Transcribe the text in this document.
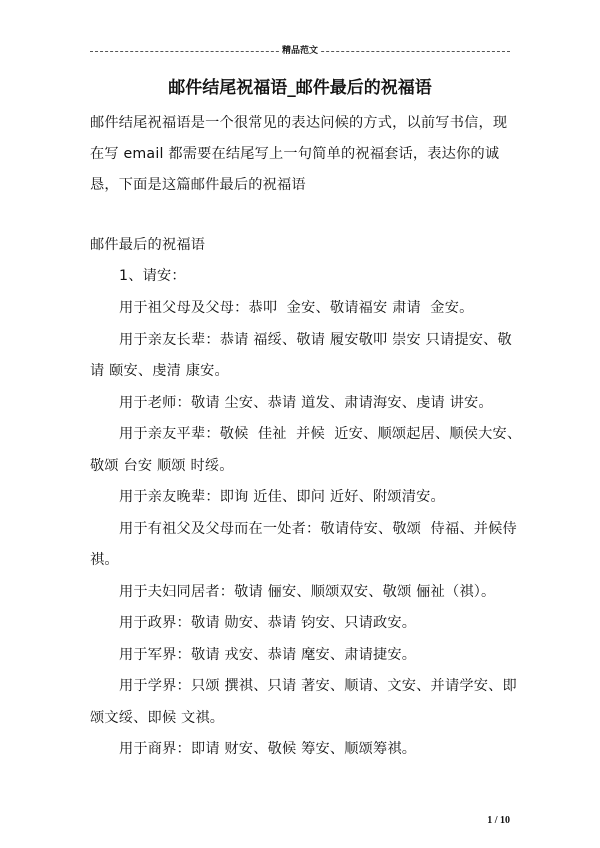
精品范文
邮件结尾祝福语_邮件最后的祝福语
邮件结尾祝福语是一个很常见的表达问候的方式，以前写书信，现
在写 email 都需要在结尾写上一句简单的祝福套话，表达你的诚
恳，下面是这篇邮件最后的祝福语
邮件最后的祝福语
1、请安：
用于祖父母及父母：恭叩  金安、敬请福安 肃请  金安。
用于亲友长辈：恭请 福绥、敬请 履安敬叩 崇安 只请提安、敬
请 颐安、虔清 康安。
用于老师：敬请 尘安、恭请 道发、肃请海安、虔请 讲安。
用于亲友平辈：敬候  佳祉  并候  近安、顺颂起居、顺侯大安、
敬颂 台安 顺颂 时绥。
用于亲友晚辈：即询 近佳、即问 近好、附颂清安。
用于有祖父及父母而在一处者：敬请侍安、敬颂  侍福、并候侍
祺。
用于夫妇同居者：敬请 俪安、顺颂双安、敬颂 俪祉（祺）。
用于政界：敬请 勋安、恭请 钧安、只请政安。
用于军界：敬请 戎安、恭请 麾安、肃请捷安。
用于学界：只颂 撰祺、只请 著安、顺请、文安、并请学安、即
颂文绥、即候 文祺。
用于商界：即请 财安、敬候 筹安、顺颂筹祺。
1 / 10
